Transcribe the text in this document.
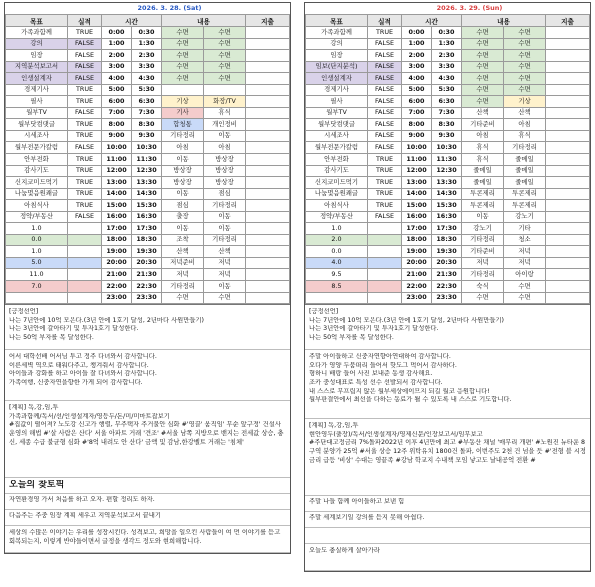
2026. 3. 28. (Sat)
목표	실적	시간		내용		지출
가족과함께	TRUE	0:00	0:30	수면	수면	
강의	FALSE	1:00	1:30	수면	수면	
임장	FALSE	2:00	2:30	수면	수면	
지역분석보고서	FALSE	3:00	3:30	수면	수면	
인생설계자	FALSE	4:00	4:30	수면	수면	
경제기사	TRUE	5:00	5:30			
필사	TRUE	6:00	6:30	기상	화장/TV	
월부TV	FALSE	7:00	7:30	기사	휴식	
월부닷컴댓글	TRUE	8:00	8:30	합청통	개인정비	
시세조사	TRUE	9:00	9:30	기타정리	이동	
월부전문가칼럼	FALSE	10:00	10:30	아침	아침	
안부전화	TRUE	11:00	11:30	이동	방상장	
감사기도	TRUE	12:00	12:30	방상장	방상장	
신지코미드먹기	TRUE	13:00	13:30	방상장	방상장	
나눔몇음원쾌글	TRUE	14:00	14:30	이동	점심	
아침식사	TRUE	15:00	15:30	점심	기타정리	
정약/부동산	FALSE	16:00	16:30	출장	이동	
1.0		17:00	17:30	이동	이동	
0.0		18:00	18:30	조착	기타정리	
1.0		19:00	19:30	산책	산책	
5.0		20:00	20:30	저녁준비	저녁	
11.0		21:00	21:30	저녁	저녁	
7.0		22:00	22:30	기타정리	이동	
		23:00	23:30	수면	수면	
[긍정선언]
나는 7년안에 10억 모은다.(3년 안에 1호기 달성, 2년마다 사원만들기)
나는 3년안에 갈아타기 및 투자1호기 달성한다.
나는 50억 부자를 목 달성한다.
어서 대학선배 어서님 투고 정주 다녀와서 감사합니다.
이른세벽 역으로 태워다주고, 챙겨줘서 감사합니다.
아이들과 강화를 하고 아이들 잘 다녀와서 감사합니다.
가족여행, 신중자연을향한 가게 되어 감사합니다.
[계획] 독,강,임,투
가족과함께/독서/선/인생설계자/영등두/돈/미/미마트잡보기
#집값이 떨어져? 노도강 신고가 행렬, 무주택자 주거불안 심화 #'영끌' 움직임' 무순 앞구정' 건설사 운영의 해법 #'살 사람은 산다' 서울 아파트 거래 '견조' #서울 남쪽 지방으로 밴지는 전세값 상승, 충신, 세종 수급 불균형 심화 #'8억 내려도 안 산다' 금액 및 감남,한강벨트 거래는 '침체'
오늘의 찾토픽
자연환경영 가서 처음를 하고 오자. 편할 정리도 하자.
다음주는 주중 임장 계획 세우고 지역분석보고서 끝내기
세상의 수많은 이야기는 우리를 성장시킨다. 성격보고, 희망을 일으킨 사람들이 여 먼 이야기를 듣고 회복되는지, 이렇게 반야들이면서 글정을 생각드 정도와 현희해합니다.
2026. 3. 29. (Sun)
목표	실적	시간		내용		지출
가족과함께	TRUE	0:00	0:30	수면	수면	
강의	FALSE	1:00	1:30	수면	수면	
임장	FALSE	2:00	2:30	수면	수면	
임보(단지분석)	FALSE	3:00	3:30	수면	수면	
인생설계자	FALSE	4:00	4:30	수면	수면	
경제기사	FALSE	5:00	5:30	수면	수면	
필사	FALSE	6:00	6:30	수면	기상	
월부TV	FALSE	7:00	7:30	산책	산책	
월부닷컴댓글	FALSE	8:00	8:30	기타준비	아침	
시세조사	FALSE	9:00	9:30	아침	휴식	
월부전문가칼럼	FALSE	10:00	10:30	휴식	기타정리	
안부전화	TRUE	11:00	11:30	휴식	줄메일	
감사기도	TRUE	12:00	12:30	줄메일	줄메일	
신지코미드먹기	TRUE	13:00	13:30	줄메일	줄메일	
나눔몇음원쾌글	TRUE	14:00	14:30	투콘제리	투콘제리	
아침식사	TRUE	15:00	15:30	투콘제리	투콘제리	
정약/부동산	FALSE	16:00	16:30	이동	강노기	
1.0		17:00	17:30	강노기	기타	
2.0		18:00	18:30	기타정리	청소	
0.0		19:00	19:30	기타준비	저녁	
4.0		20:00	20:30	저녁	저녁	
9.5		21:00	21:30	기타정리	아이랑	
8.5		22:00	22:30	숙식	수면	
		23:00	23:30	수면	수면	
[긍정선언]
나는 7년안에 10억 모은다.(3년 안에 1호기 달성, 2년마다 사원만들기)
나는 3년안에 갈아타기 및 투자1호기 달성한다.
나는 50억 부자를 목 달성한다.
주말 아이들하고 신중자연향아연대하여 감사합니다.
오다가 영양 두붐떠리 들어서 핫도그 먹어서 감사하다.
형하니 배랑 들어 사진 보내준 동생 감사해요.
조카 중성대표로 특성 선수 선발되서 감사합니다.
내 스스로 무프립지 않은 월부세상에이므지 되길 월코 응원합니다!
월부판결안에서 최선을 다하는 동료가 될 수 있도록 내 스스로 기도합니다.
[계획] 독,강,임,투
현안영두(출장)/독서/인생설계자/영제신문/인장보고서/임무보고
#주단대고정금리 7%돌파2022년 이후 4년만에 최고 #부동산 채널 '매무리 개편' #노원진 뉴타운 8구역 분양가 25억 #서울 상승 12주 위탁유치 1800건 돌파, 이번주도 2천 건 넘을 듯 #'전형 블 시정금리 급등 '비상' 수대는 영끝족 #강남 학교지 수내책 모임 낳고도 날내공억 전환 #
주말 나들 함께 아이들하고 보낸 힘
주말 세계보기일 강의를 듣지 못해 아쉽다.
오늘도 충실하게 살아가라
